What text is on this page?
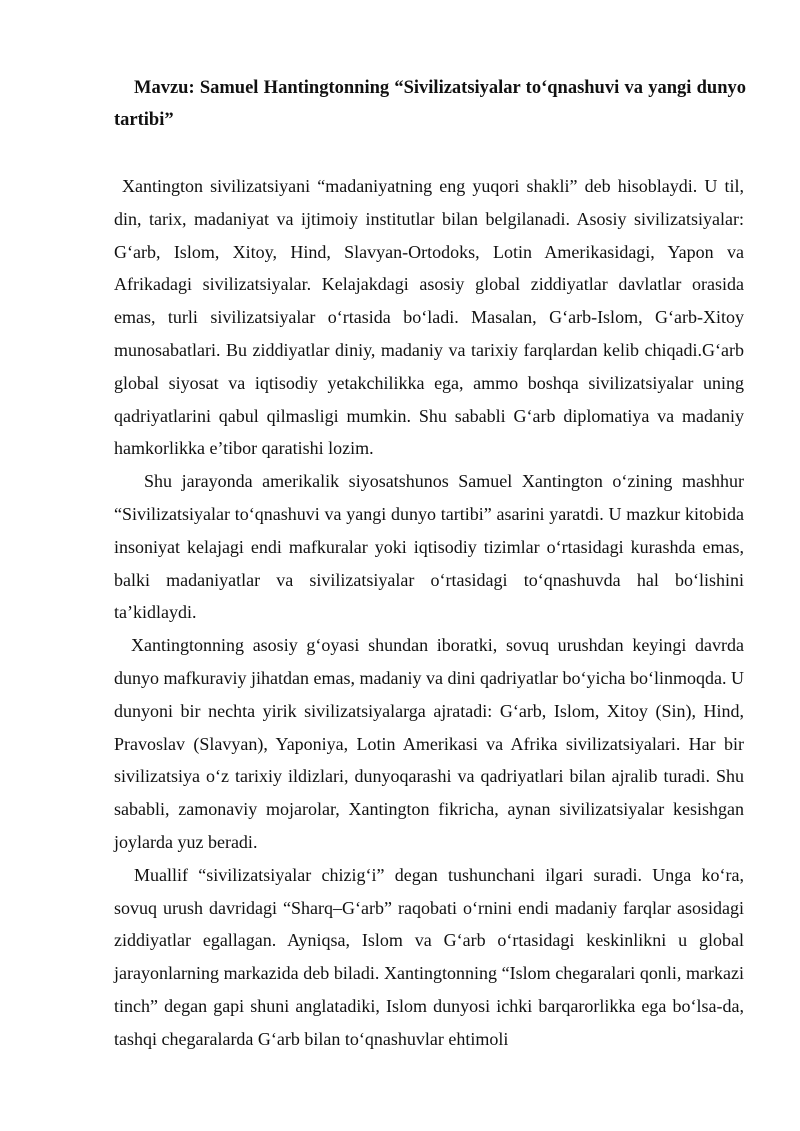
Mavzu: Samuel Hantingtonning “Sivilizatsiyalar to‘qnashuvi va yangi dunyo tartibi”

Xantington sivilizatsiyani “madaniyatning eng yuqori shakli” deb hisoblaydi. U til, din, tarix, madaniyat va ijtimoiy institutlar bilan belgilanadi. Asosiy sivilizatsiyalar: G‘arb, Islom, Xitoy, Hind, Slavyan-Ortodoks, Lotin Amerikasidagi, Yapon va Afrikadagi sivilizatsiyalar. Kelajakdagi asosiy global ziddiyatlar davlatlar orasida emas, turli sivilizatsiyalar o‘rtasida bo‘ladi. Masalan, G‘arb-Islom, G‘arb-Xitoy munosabatlari. Bu ziddiyatlar diniy, madaniy va tarixiy farqlardan kelib chiqadi.G‘arb global siyosat va iqtisodiy yetakchilikka ega, ammo boshqa sivilizatsiyalar uning qadriyatlarini qabul qilmasligi mumkin. Shu sababli G‘arb diplomatiya va madaniy hamkorlikka e’tibor qaratishi lozim.

Shu jarayonda amerikalik siyosatshunos Samuel Xantington o‘zining mashhur “Sivilizatsiyalar to‘qnashuvi va yangi dunyo tartibi” asarini yaratdi. U mazkur kitobida insoniyat kelajagi endi mafkuralar yoki iqtisodiy tizimlar o‘rtasidagi kurashda emas, balki madaniyatlar va sivilizatsiyalar o‘rtasidagi to‘qnashuvda hal bo‘lishini ta’kidlaydi.

Xantingtonning asosiy g‘oyasi shundan iboratki, sovuq urushdan keyingi davrda dunyo mafkuraviy jihatdan emas, madaniy va dini qadriyatlar bo‘yicha bo‘linmoqda. U dunyoni bir nechta yirik sivilizatsiyalarga ajratadi: G‘arb, Islom, Xitoy (Sin), Hind, Pravoslav (Slavyan), Yaponiya, Lotin Amerikasi va Afrika sivilizatsiyalari. Har bir sivilizatsiya o‘z tarixiy ildizlari, dunyoqarashi va qadriyatlari bilan ajralib turadi. Shu sababli, zamonaviy mojarolar, Xantington fikricha, aynan sivilizatsiyalar kesishgan joylarda yuz beradi.

Muallif “sivilizatsiyalar chizig‘i” degan tushunchani ilgari suradi. Unga ko‘ra, sovuq urush davridagi “Sharq–G‘arb” raqobati o‘rnini endi madaniy farqlar asosidagi ziddiyatlar egallagan. Ayniqsa, Islom va G‘arb o‘rtasidagi keskinlikni u global jarayonlarning markazida deb biladi. Xantingtonning “Islom chegaralari qonli, markazi tinch” degan gapi shuni anglatadiki, Islom dunyosi ichki barqarorlikka ega bo‘lsa-da, tashqi chegaralarda G‘arb bilan to‘qnashuvlar ehtimoli
